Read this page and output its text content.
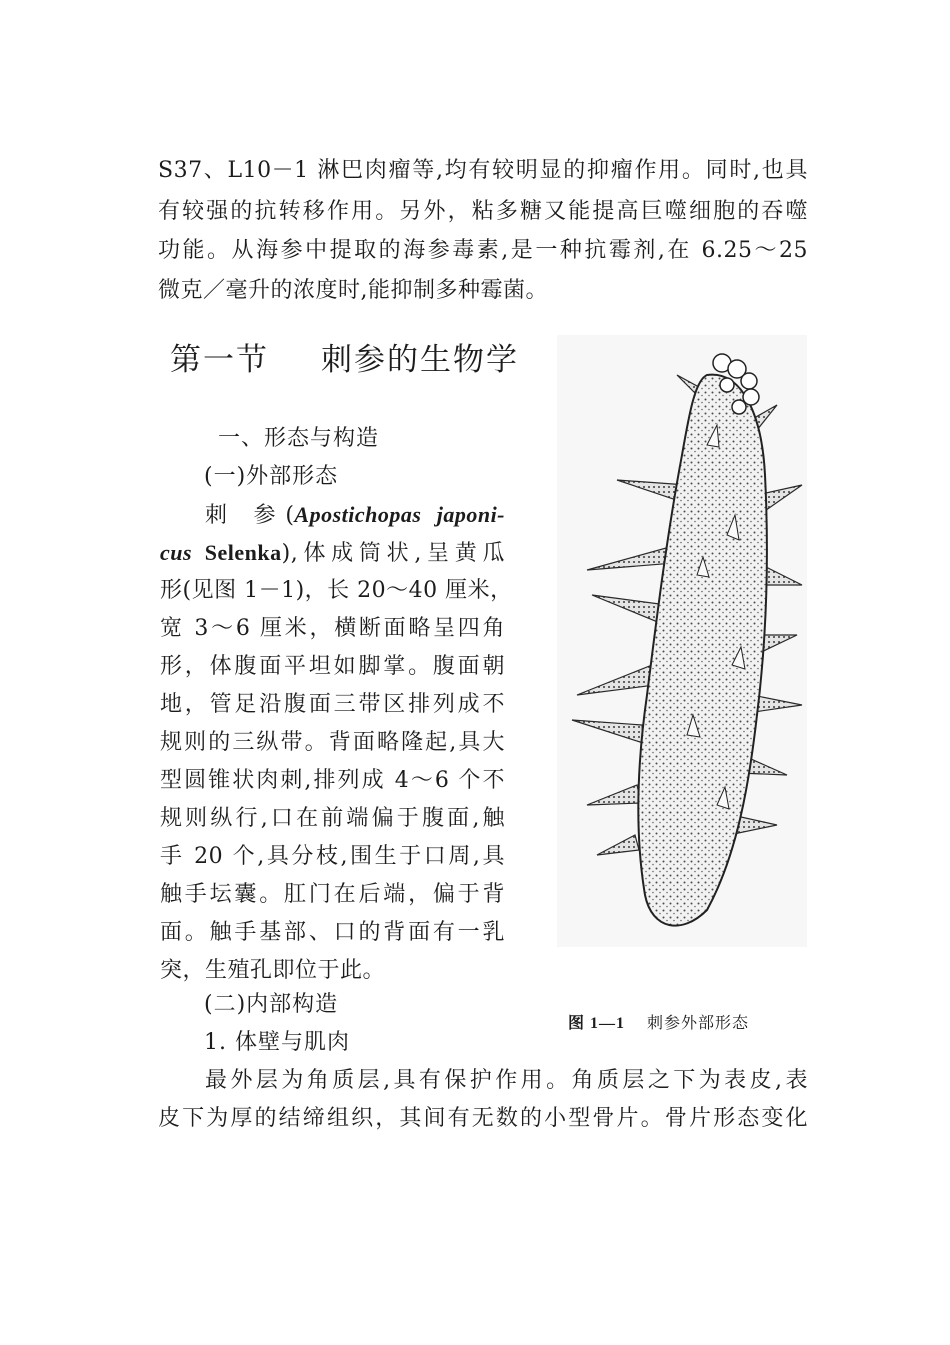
S37、L10－1 淋巴肉瘤等,均有较明显的抑瘤作用。同时,也具
有较强的抗转移作用。另外，粘多糖又能提高巨噬细胞的吞噬
功能。从海参中提取的海参毒素,是一种抗霉剂,在 6.25～25
微克／毫升的浓度时,能抑制多种霉菌。
第一节 刺参的生物学
一、形态与构造
(一)外部形态
刺 参(Apostichopas japoni-
cus Selenka),体成筒状,呈黄瓜
形(见图 1－1)，长 20～40 厘米，
宽 3～6 厘米，横断面略呈四角
形，体腹面平坦如脚掌。腹面朝
地，管足沿腹面三带区排列成不
规则的三纵带。背面略隆起,具大
型圆锥状肉刺,排列成 4～6 个不
规则纵行,口在前端偏于腹面,触
手 20 个,具分枝,围生于口周,具
触手坛囊。肛门在后端，偏于背
面。触手基部、口的背面有一乳
突，生殖孔即位于此。
(二)内部构造
1. 体壁与肌肉
最外层为角质层,具有保护作用。角质层之下为表皮,表
皮下为厚的结缔组织，其间有无数的小型骨片。骨片形态变化
图 1—1 刺参外部形态
